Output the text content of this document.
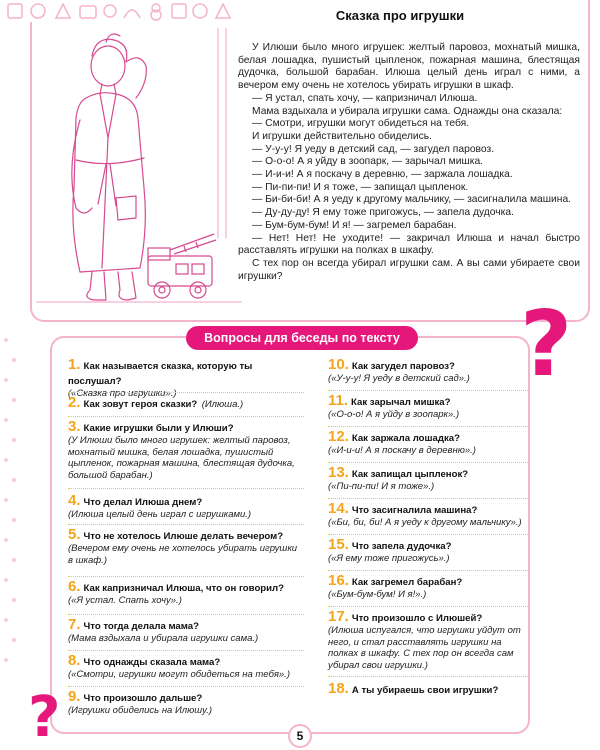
Сказка про игрушки

У Илюши было много игрушек: желтый паровоз, мохнатый мишка, белая лошадка, пушистый цыпленок, пожарная машина, блестящая дудочка, большой барабан. Илюша целый день играл с ними, а вечером ему очень не хотелось убирать игрушки в шкаф.

— Я устал, спать хочу, — капризничал Илюша.

Мама вздыхала и убирала игрушки сама. Однажды она сказала:

— Смотри, игрушки могут обидеться на тебя.

И игрушки действительно обиделись.

— У-у-у! Я уеду в детский сад, — загудел паровоз.

— О-о-о! А я уйду в зоопарк, — зарычал мишка.

— И-и-и! А я поскачу в деревню, — заржала лошадка.

— Пи-пи-пи! И я тоже, — запищал цыпленок.

— Би-би-би! А я уеду к другому мальчику, — засигналила машина.

— Ду-ду-ду! Я ему тоже пригожусь, — запела дудочка.

— Бум-бум-бум! И я! — загремел барабан.

— Нет! Нет! Не уходите! — закричал Илюша и начал быстро расставлять игрушки на полках в шкафу.

С тех пор он всегда убирал игрушки сам. А вы сами убираете свои игрушки?

Вопросы для беседы по тексту ?
?
1. Как называется сказка, которую ты послушал?
(«Сказка про игрушки».)
2. Как зовут героя сказки? (Илюша.)
3. Какие игрушки были у Илюши?
(У Илюши было много игрушек: желтый паровоз, мохнатый мишка, белая лошадка, пушистый цыпленок, пожарная машина, блестящая дудочка, большой барабан.)
4. Что делал Илюша днем?
(Илюша целый день играл с игрушками.)
5. Что не хотелось Илюше делать вечером?
(Вечером ему очень не хотелось убирать игрушки в шкаф.)
6. Как капризничал Илюша, что он говорил?
(«Я устал. Спать хочу».)
7. Что тогда делала мама?
(Мама вздыхала и убирала игрушки сама.)
8. Что однажды сказала мама?
(«Смотри, игрушки могут обидеться на тебя».)
9. Что произошло дальше?
(Игрушки обиделись на Илюшу.)
10. Как загудел паровоз?
(«У-у-у! Я уеду в детский сад».)
11. Как зарычал мишка?
(«О-о-о! А я уйду в зоопарк».)
12. Как заржала лошадка?
(«И-и-и! А я поскачу в деревню».)
13. Как запищал цыпленок?
(«Пи-пи-пи! И я тоже».)
14. Что засигналила машина?
(«Би, би, би! А я уеду к другому мальчику».)
15. Что запела дудочка?
(«Я ему тоже пригожусь».)
16. Как загремел барабан?
(«Бум-бум-бум! И я!».)
17. Что произошло с Илюшей?
(Илюша испугался, что игрушки уйдут от него, и стал расставлять игрушки на полках в шкафу. С тех пор он всегда сам убирал свои игрушки.)
18. А ты убираешь свои игрушки?
5
